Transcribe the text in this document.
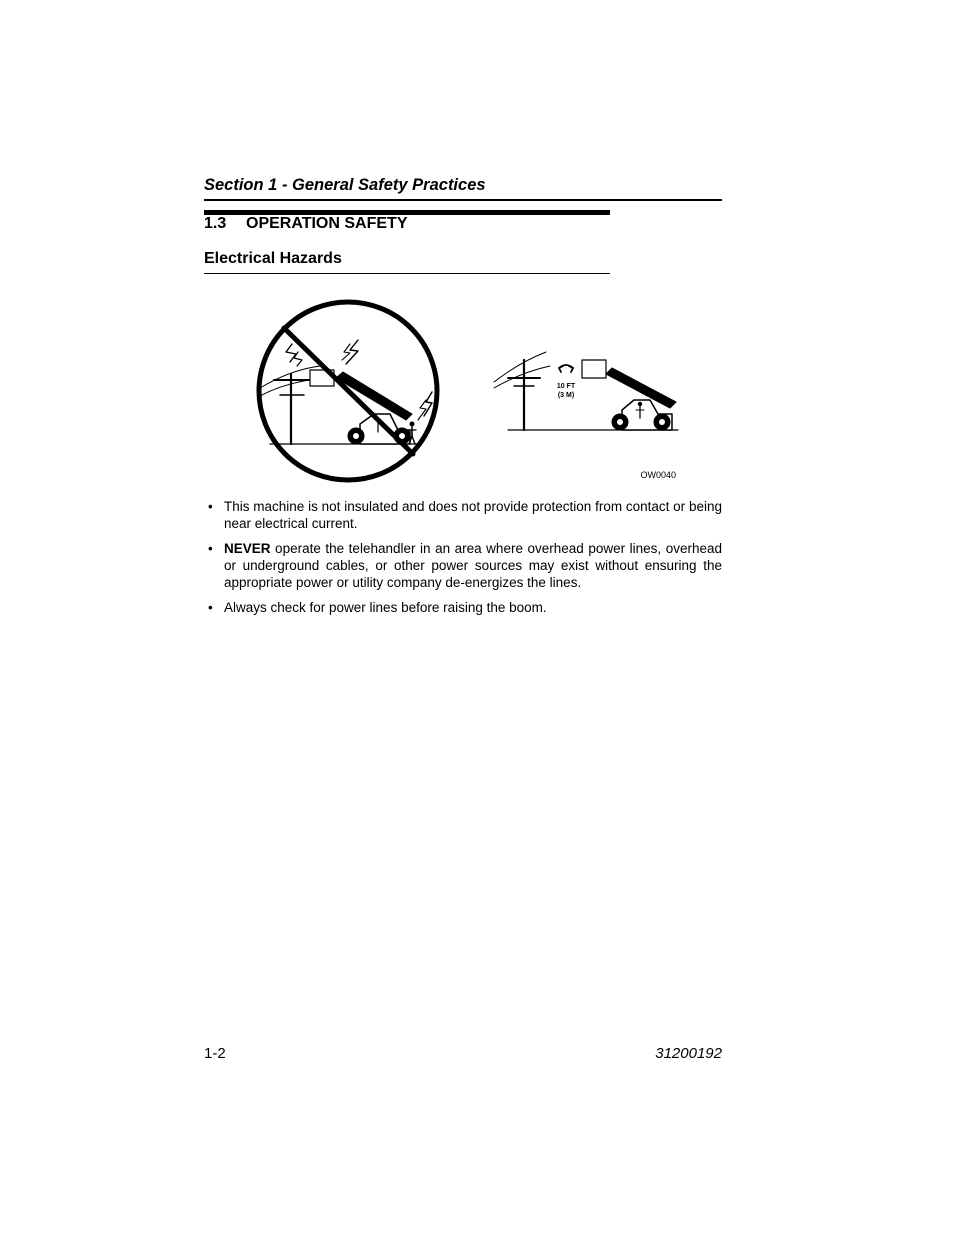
Section 1 - General Safety Practices
1.3 OPERATION SAFETY
Electrical Hazards
10 FT
(3 M)
OW0040
• This machine is not insulated and does not provide protection from contact or being near electrical current.
• NEVER operate the telehandler in an area where overhead power lines, overhead or underground cables, or other power sources may exist without ensuring the appropriate power or utility company de-energizes the lines.
• Always check for power lines before raising the boom.
1-2	31200192
